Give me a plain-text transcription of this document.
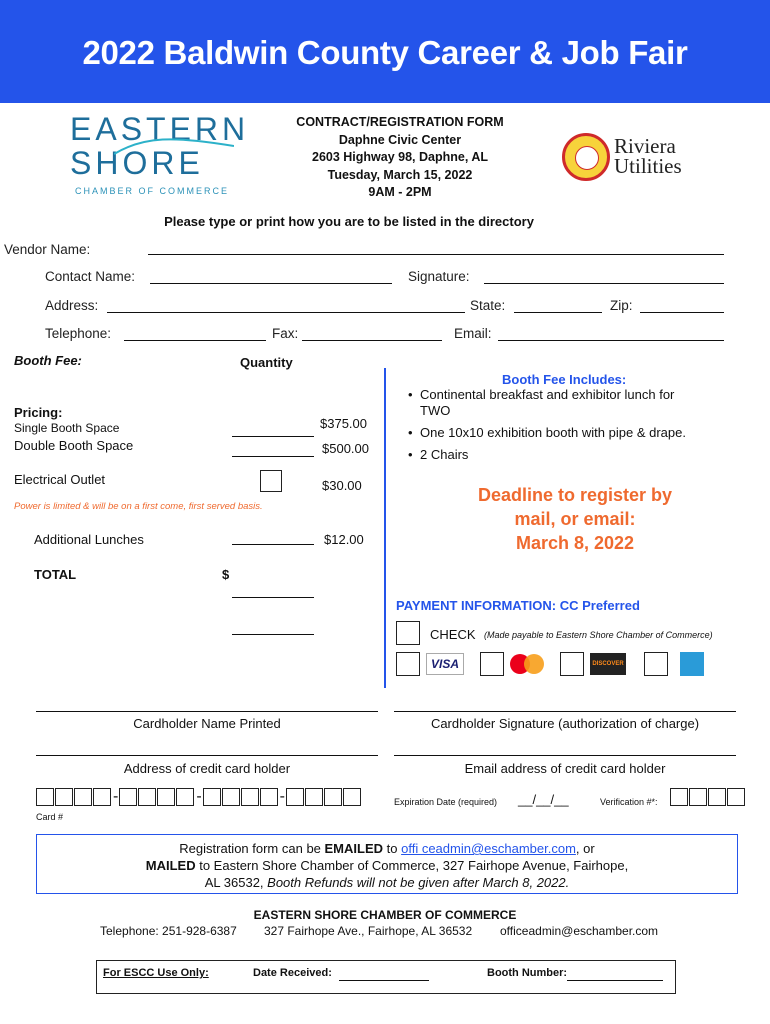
2022 Baldwin County Career & Job Fair
EASTERN
SHORE
CHAMBER OF COMMERCE
CONTRACT/REGISTRATION FORM
Daphne Civic Center
2603 Highway 98, Daphne, AL
Tuesday, March 15, 2022
9AM - 2PM
Riviera Utilities
Please type or print how you are to be listed in the directory
Vendor Name:
Contact Name:	Signature:
Address:	State:	Zip:
Telephone:	Fax:	Email:
Booth Fee:	Quantity
Pricing:
Single Booth Space	$375.00
Double Booth Space	$500.00
Electrical Outlet	$30.00
Power is limited & will be on a first come, first served basis.
Additional Lunches	$12.00
TOTAL	$
Booth Fee Includes:
• Continental breakfast and exhibitor lunch for TWO
• One 10x10 exhibition booth with pipe & drape.
• 2 Chairs
Deadline to register by
mail, or email:
March 8, 2022
PAYMENT INFORMATION: CC Preferred
CHECK (Made payable to Eastern Shore Chamber of Commerce)
VISA	DISCOVER
Cardholder Name Printed	Cardholder Signature (authorization of charge)
Address of credit card holder	Email address of credit card holder
-	-	-
Card #
Expiration Date (required) __/__/__	Verification #*:
Registration form can be EMAILED to offi ceadmin@eschamber.com, or
MAILED to Eastern Shore Chamber of Commerce, 327 Fairhope Avenue, Fairhope,
AL 36532, Booth Refunds will not be given after March 8, 2022.
EASTERN SHORE CHAMBER OF COMMERCE
Telephone: 251-928-6387 327 Fairhope Ave., Fairhope, AL 36532 officeadmin@eschamber.com
For ESCC Use Only:	Date Received:	Booth Number:
